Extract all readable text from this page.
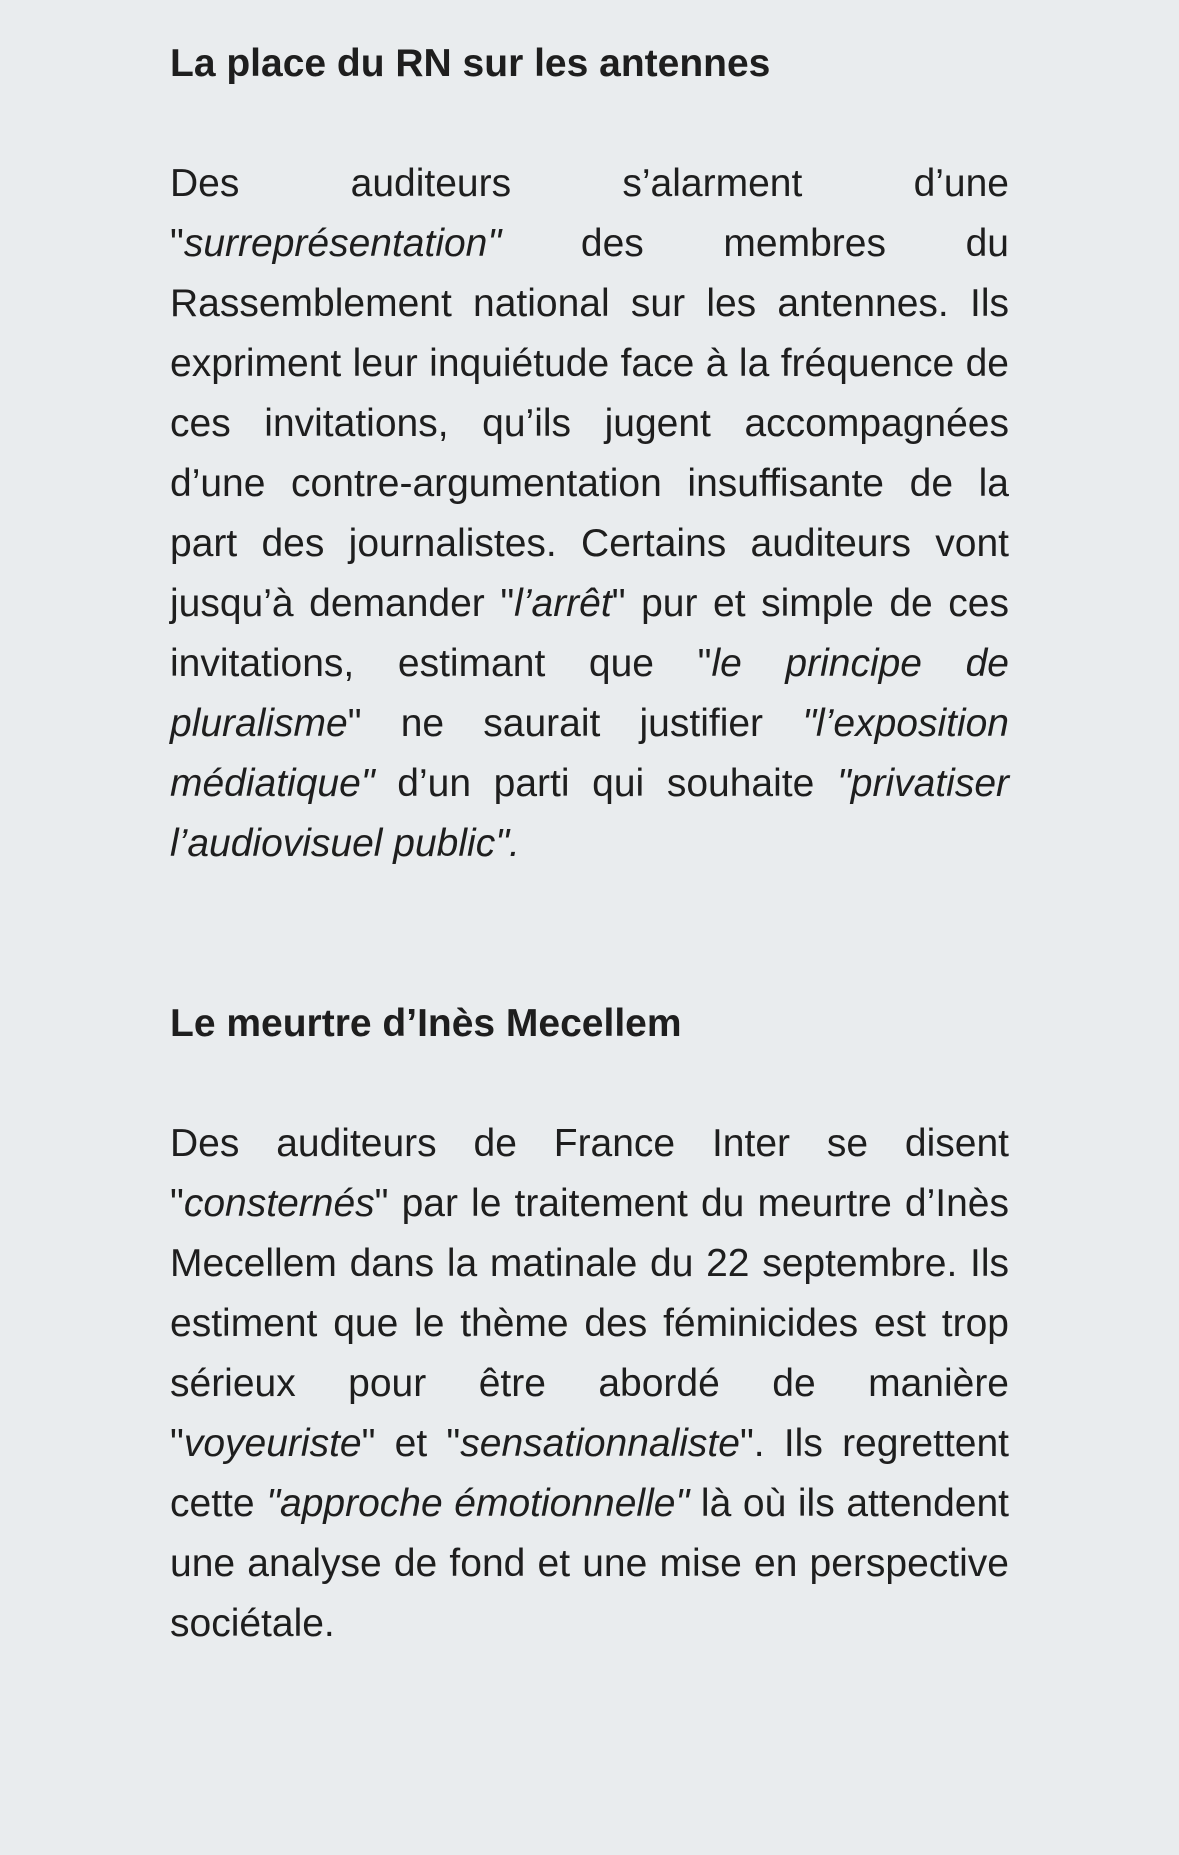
La place du RN sur les antennes

Des auditeurs s’alarment d’une "surreprésentation" des membres du Rassemblement national sur les antennes. Ils expriment leur inquiétude face à la fréquence de ces invitations, qu’ils jugent accompagnées d’une contre-argumentation insuffisante de la part des journalistes. Certains auditeurs vont jusqu’à demander "l’arrêt" pur et simple de ces invitations, estimant que "le principe de pluralisme" ne saurait justifier "l’exposition médiatique" d’un parti qui souhaite "privatiser l’audiovisuel public".

Le meurtre d’Inès Mecellem

Des auditeurs de France Inter se disent "consternés" par le traitement du meurtre d’Inès Mecellem dans la matinale du 22 septembre. Ils estiment que le thème des féminicides est trop sérieux pour être abordé de manière "voyeuriste" et "sensationnaliste". Ils regrettent cette "approche émotionnelle" là où ils attendent une analyse de fond et une mise en perspective sociétale.
